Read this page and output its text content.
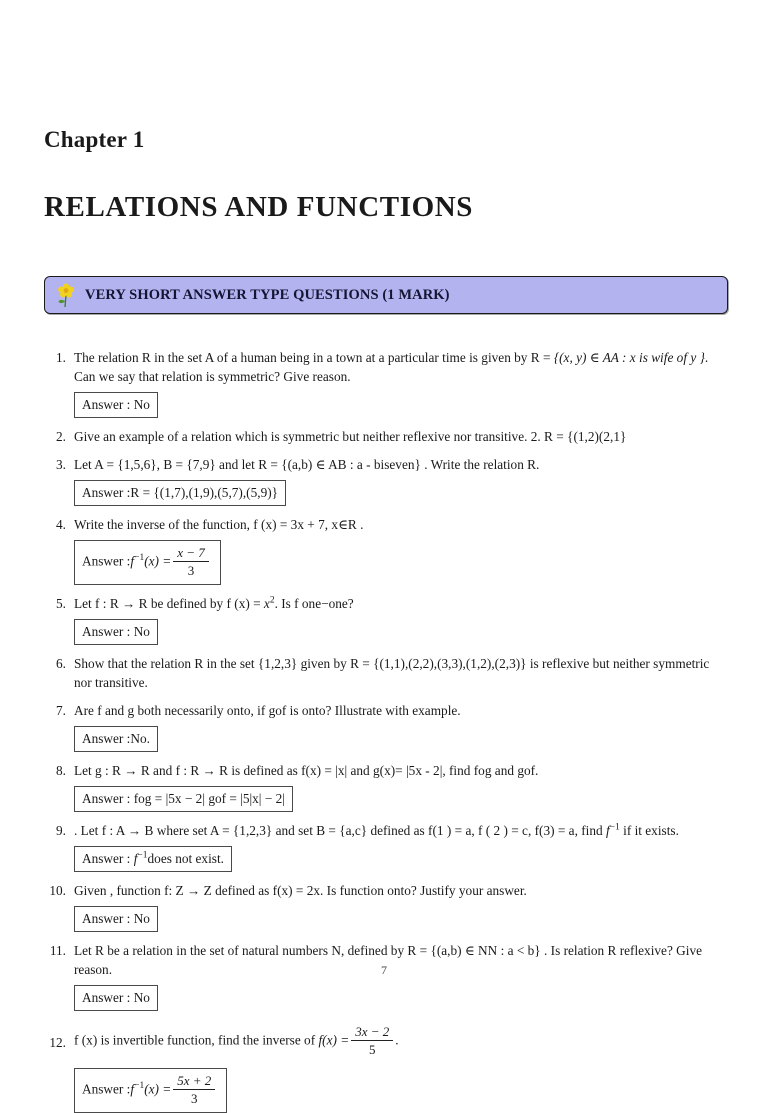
Chapter 1
RELATIONS AND FUNCTIONS
VERY SHORT ANSWER TYPE QUESTIONS (1 MARK)
1. The relation R in the set A of a human being in a town at a particular time is given by R = {(x, y) ∈ AA : x is wife of y }. Can we say that relation is symmetric? Give reason.
Answer : No
2. Give an example of a relation which is symmetric but neither reflexive nor transitive. 2. R = {(1,2)(2,1}
3. Let A = {1,5,6}, B = {7,9} and let R = {(a,b) ∈ AB : a - biseven} . Write the relation R.
Answer :R = {(1,7),(1,9),(5,7),(5,9)}
4. Write the inverse of the function, f (x) = 3x + 7, x∈R .
Answer $:f^{-1}(x) = \frac{x - 7}{3}$
5. Let f : R → R be defined by f $(x) = x^2$. Is f one−one?
Answer : No
6. Show that the relation R in the set {1,2,3} given by R = {(1,1),(2,2),(3,3),(1,2),(2,3)} is reflexive but neither symmetric nor transitive.
7. Are f and g both necessarily onto, if gof is onto? Illustrate with example.
Answer :No.
8. Let g : R → R and f : R → R is defined as f(x) = |x| and g(x)= |5x - 2|, find fog and gof.
Answer : fog = |5x − 2| gof = |5|x| − 2|
9. . Let f : A → B where set A = {1,2,3} and set B = {a,c} defined as f(1 ) = a, f ( 2 ) = c, f(3) = a, find $f^{-1}$ if it exists.
Answer : $f^{-1}does$ not exist.
10. Given , function f: Z → Z defined as f(x) = 2x. Is function onto? Justify your answer.
Answer : No
11. Let R be a relation in the set of natural numbers N, defined by R = {(a,b) ∈ NN : a < b} . Is relation R reflexive? Give reason.
Answer : No
12. f (x) is invertible function, find the inverse of $f(x) = \frac{3x - 2}{5}$ .
Answer $:f^{-1}(x) = \frac{5x + 2}{3}$
7
